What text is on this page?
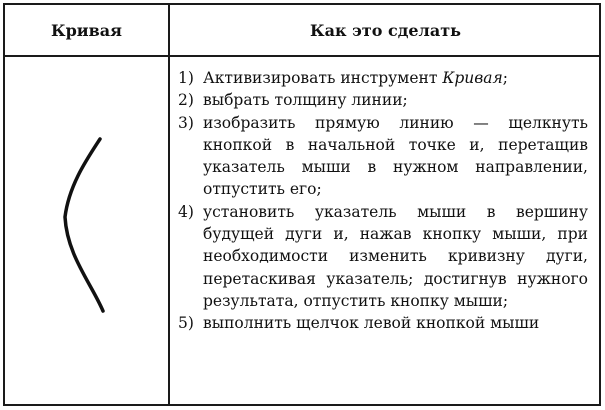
Кривая	Как это сделать
1) Активизировать инструмент Кривая;
2) выбрать толщину линии;
3) изобразить прямую линию — щелкнуть кнопкой в начальной точке и, перетащив указатель мыши в нужном направлении, отпустить его;
4) установить указатель мыши в вершину будущей дуги и, нажав кнопку мыши, при необходимости изменить кривизну дуги, перетаскивая указатель; достигнув нужного результата, отпустить кнопку мыши;
5) выполнить щелчок левой кнопкой мыши
